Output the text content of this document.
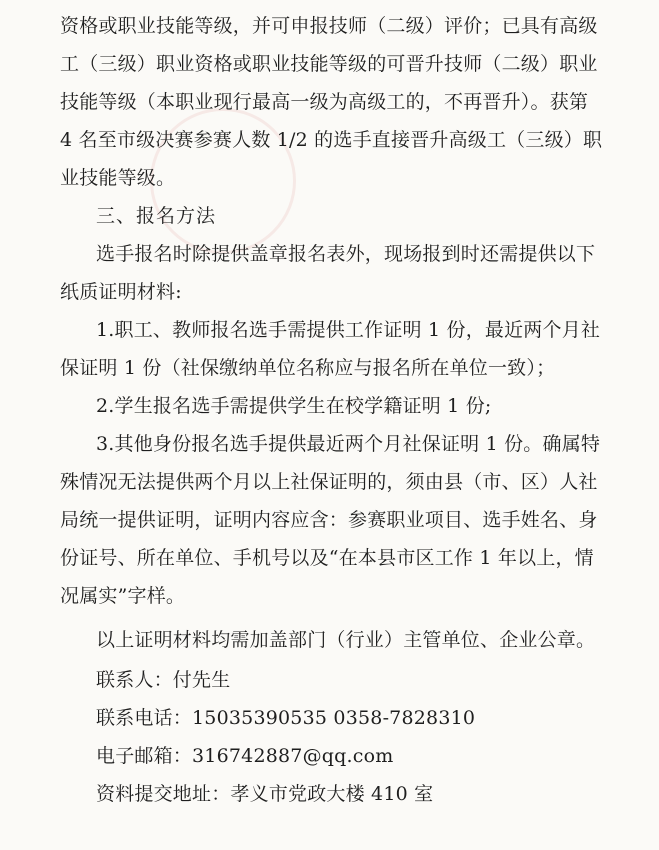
资格或职业技能等级，并可申报技师（二级）评价；已具有高级
工（三级）职业资格或职业技能等级的可晋升技师（二级）职业
技能等级（本职业现行最高一级为高级工的，不再晋升）。获第
4 名至市级决赛参赛人数 1/2 的选手直接晋升高级工（三级）职
业技能等级。
三、报名方法
选手报名时除提供盖章报名表外，现场报到时还需提供以下
纸质证明材料:
1.职工、教师报名选手需提供工作证明 1 份，最近两个月社
保证明 1 份（社保缴纳单位名称应与报名所在单位一致）；
2.学生报名选手需提供学生在校学籍证明 1 份;
3.其他身份报名选手提供最近两个月社保证明 1 份。确属特
殊情况无法提供两个月以上社保证明的，须由县（市、区）人社
局统一提供证明，证明内容应含：参赛职业项目、选手姓名、身
份证号、所在单位、手机号以及“在本县市区工作 1 年以上，情
况属实”字样。
以上证明材料均需加盖部门（行业）主管单位、企业公章。
联系人：付先生
联系电话：15035390535 0358-7828310
电子邮箱：316742887@qq.com
资料提交地址：孝义市党政大楼 410 室
